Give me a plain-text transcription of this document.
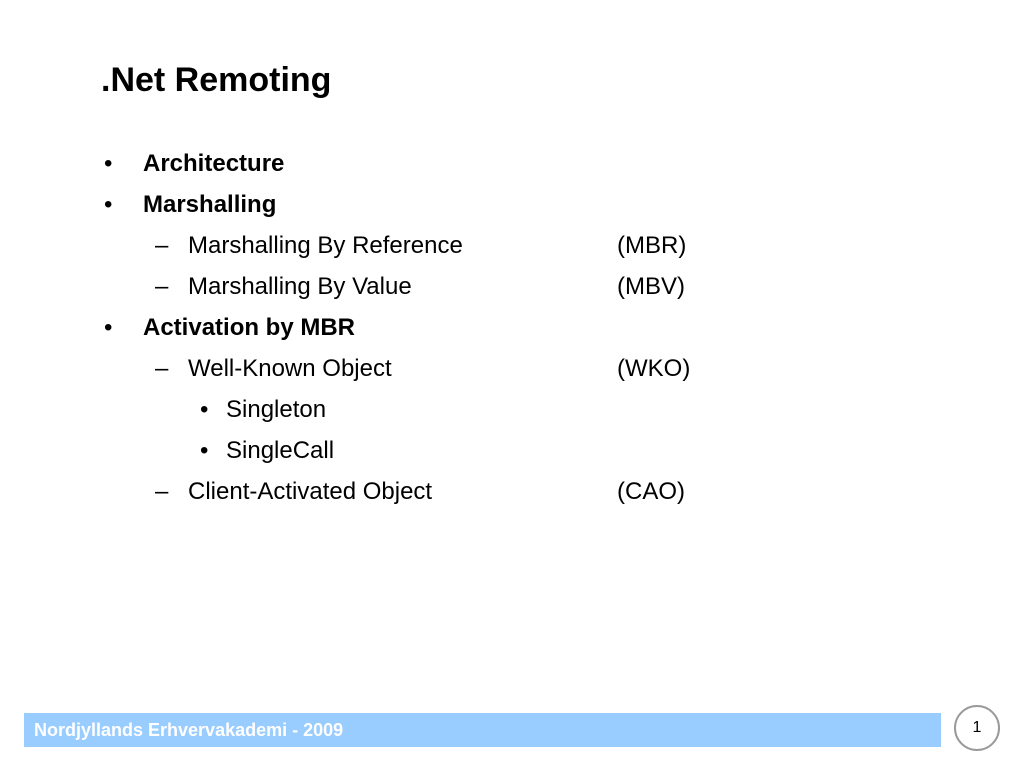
.Net Remoting
• Architecture
• Marshalling
– Marshalling By Reference	(MBR)
– Marshalling By Value	(MBV)
• Activation by MBR
– Well-Known Object	(WKO)
• Singleton
• SingleCall
– Client-Activated Object	(CAO)
Nordjyllands Erhvervakademi - 2009	1
